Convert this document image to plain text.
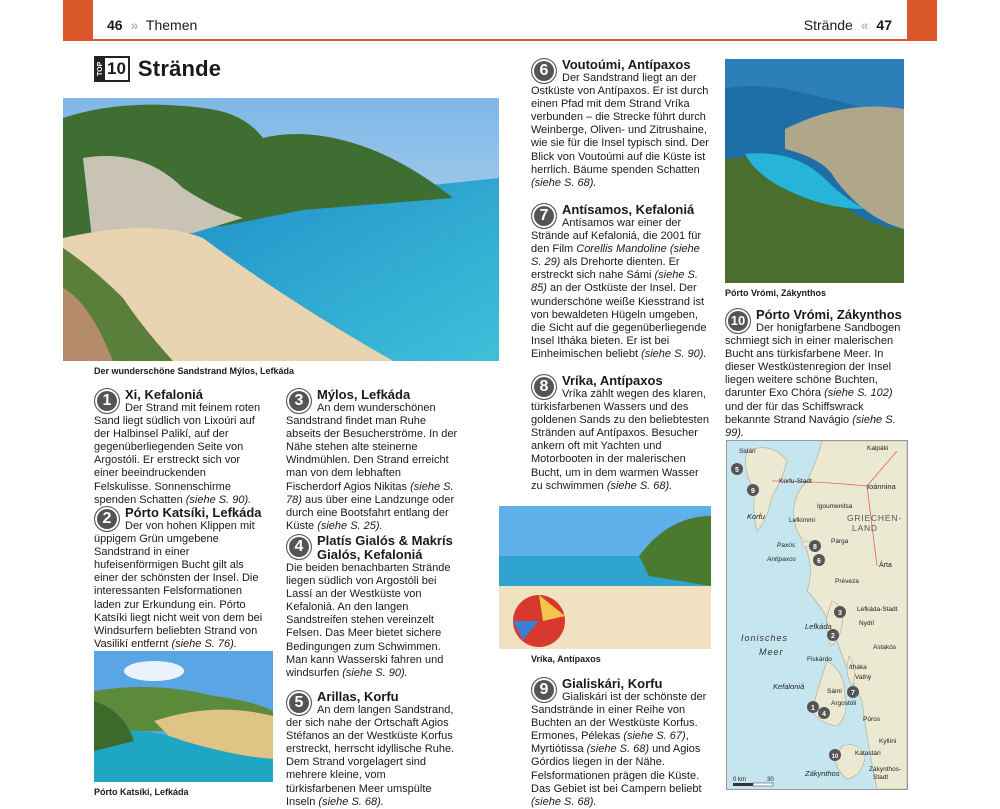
46 » Themen	Strände « 47
TOP 10 Strände
Der wunderschöne Sandstrand Mýlos, Lefkáda
Pórto Katsíki, Lefkáda
Vríka, Antípaxos
Pórto Vrómi, Zákynthos
1	Xi, Kefaloniá

Der Strand mit feinem roten Sand liegt südlich von Lixoúri auf der Halbinsel Palikí, auf der gegenüberliegenden Seite von Argostóli. Er erstreckt sich vor einer beeindruckenden Felskulisse. Sonnenschirme spenden Schatten (siehe S. 90).

2	Pórto Katsíki, Lefkáda

Der von hohen Klippen mit üppigem Grün umgebene Sandstrand in einer hufeisenförmigen Bucht gilt als einer der schönsten der Insel. Die interessanten Felsformationen laden zur Erkundung ein. Pórto Katsíki liegt nicht weit von dem bei Windsurfern beliebten Strand von Vasilikí entfernt (siehe S. 76).

3	Mýlos, Lefkáda

An dem wunderschönen Sandstrand findet man Ruhe abseits der Besucherströme. In der Nähe stehen alte steinerne Windmühlen. Den Strand erreicht man von dem lebhaften Fischerdorf Agios Nikitas (siehe S. 78) aus über eine Landzunge oder durch eine Bootsfahrt entlang der Küste (siehe S. 25).

4	Platís Gialós & Makrís Gialós, Kefaloniá

Die beiden benachbarten Strände liegen südlich von Argostóli bei Lassí an der Westküste von Kefaloniá. An den langen Sandstreifen stehen vereinzelt Felsen. Das Meer bietet sichere Bedingungen zum Schwimmen. Man kann Wasserski fahren und windsurfen (siehe S. 90).

5	Arillas, Korfu

An dem langen Sandstrand, der sich nahe der Ortschaft Agios Stéfanos an der Westküste Korfus erstreckt, herrscht idyllische Ruhe. Dem Strand vorgelagert sind mehrere kleine, vom türkisfarbenen Meer umspülte Inseln (siehe S. 68).

6	Voutoúmi, Antípaxos

Der Sandstrand liegt an der Ostküste von Antípaxos. Er ist durch einen Pfad mit dem Strand Vríka verbunden – die Strecke führt durch Weinberge, Oliven- und Zitrushaine, wie sie für die Insel typisch sind. Der Blick von Voutoúmi auf die Küste ist herrlich. Bäume spenden Schatten (siehe S. 68).

7	Antísamos, Kefaloniá

Antísamos war einer der Strände auf Kefaloniá, die 2001 für den Film Corellis Mandoline (siehe S. 29) als Drehorte dienten. Er erstreckt sich nahe Sámi (siehe S. 85) an der Ostküste der Insel. Der wunderschöne weiße Kiesstrand ist von bewaldeten Hügeln umgeben, die Sicht auf die gegenüberliegende Insel Itháka bieten. Er ist bei Einheimischen beliebt (siehe S. 90).

8	Vríka, Antípaxos

Vríka zählt wegen des klaren, türkisfarbenen Wassers und des goldenen Sands zu den beliebtesten Stränden auf Antípaxos. Besucher ankern oft mit Yachten und Motorbooten in der malerischen Bucht, um in dem warmen Wasser zu schwimmen (siehe S. 68).

9	Gialiskári, Korfu

Gialiskári ist der schönste der Sandstrände in einer Reihe von Buchten an der Westküste Korfus. Ermones, Pélekas (siehe S. 67), Myrtiótissa (siehe S. 68) und Agios Górdios liegen in der Nähe. Felsformationen prägen die Küste. Das Gebiet ist bei Campern beliebt (siehe S. 68).

10 Pórto Vrómi, Zákynthos

Der honigfarbene Sandbogen schmiegt sich in einer malerischen Bucht ans türkisfarbene Meer. In dieser Westküstenregion der Insel liegen weitere schöne Buchten, darunter Exo Chóra (siehe S. 102) und der für das Schiffswrack bekannte Strand Navágio (siehe S. 99).

Kalpáki
Sidári
Korfu-Stadt
Ioánnina
Korfu	Lefkimmi
Igoumenitsa
GRIECHEN-
LAND
Párga
Paxós
Antípaxos
Árta
Préveza
Lefkáda-Stadt
Nydrí
Lefkáda
Ionisches
Meer	Astakós
Fiskárdo
Itháka
Vathý
Kefaloniá
Sámi
Argostóli
Póros
Kyllíni
Katastári
Zákynthos	Zákynthos-
Stadt
5
9
8
6
3
2
7
1
4
10
0 km	30
